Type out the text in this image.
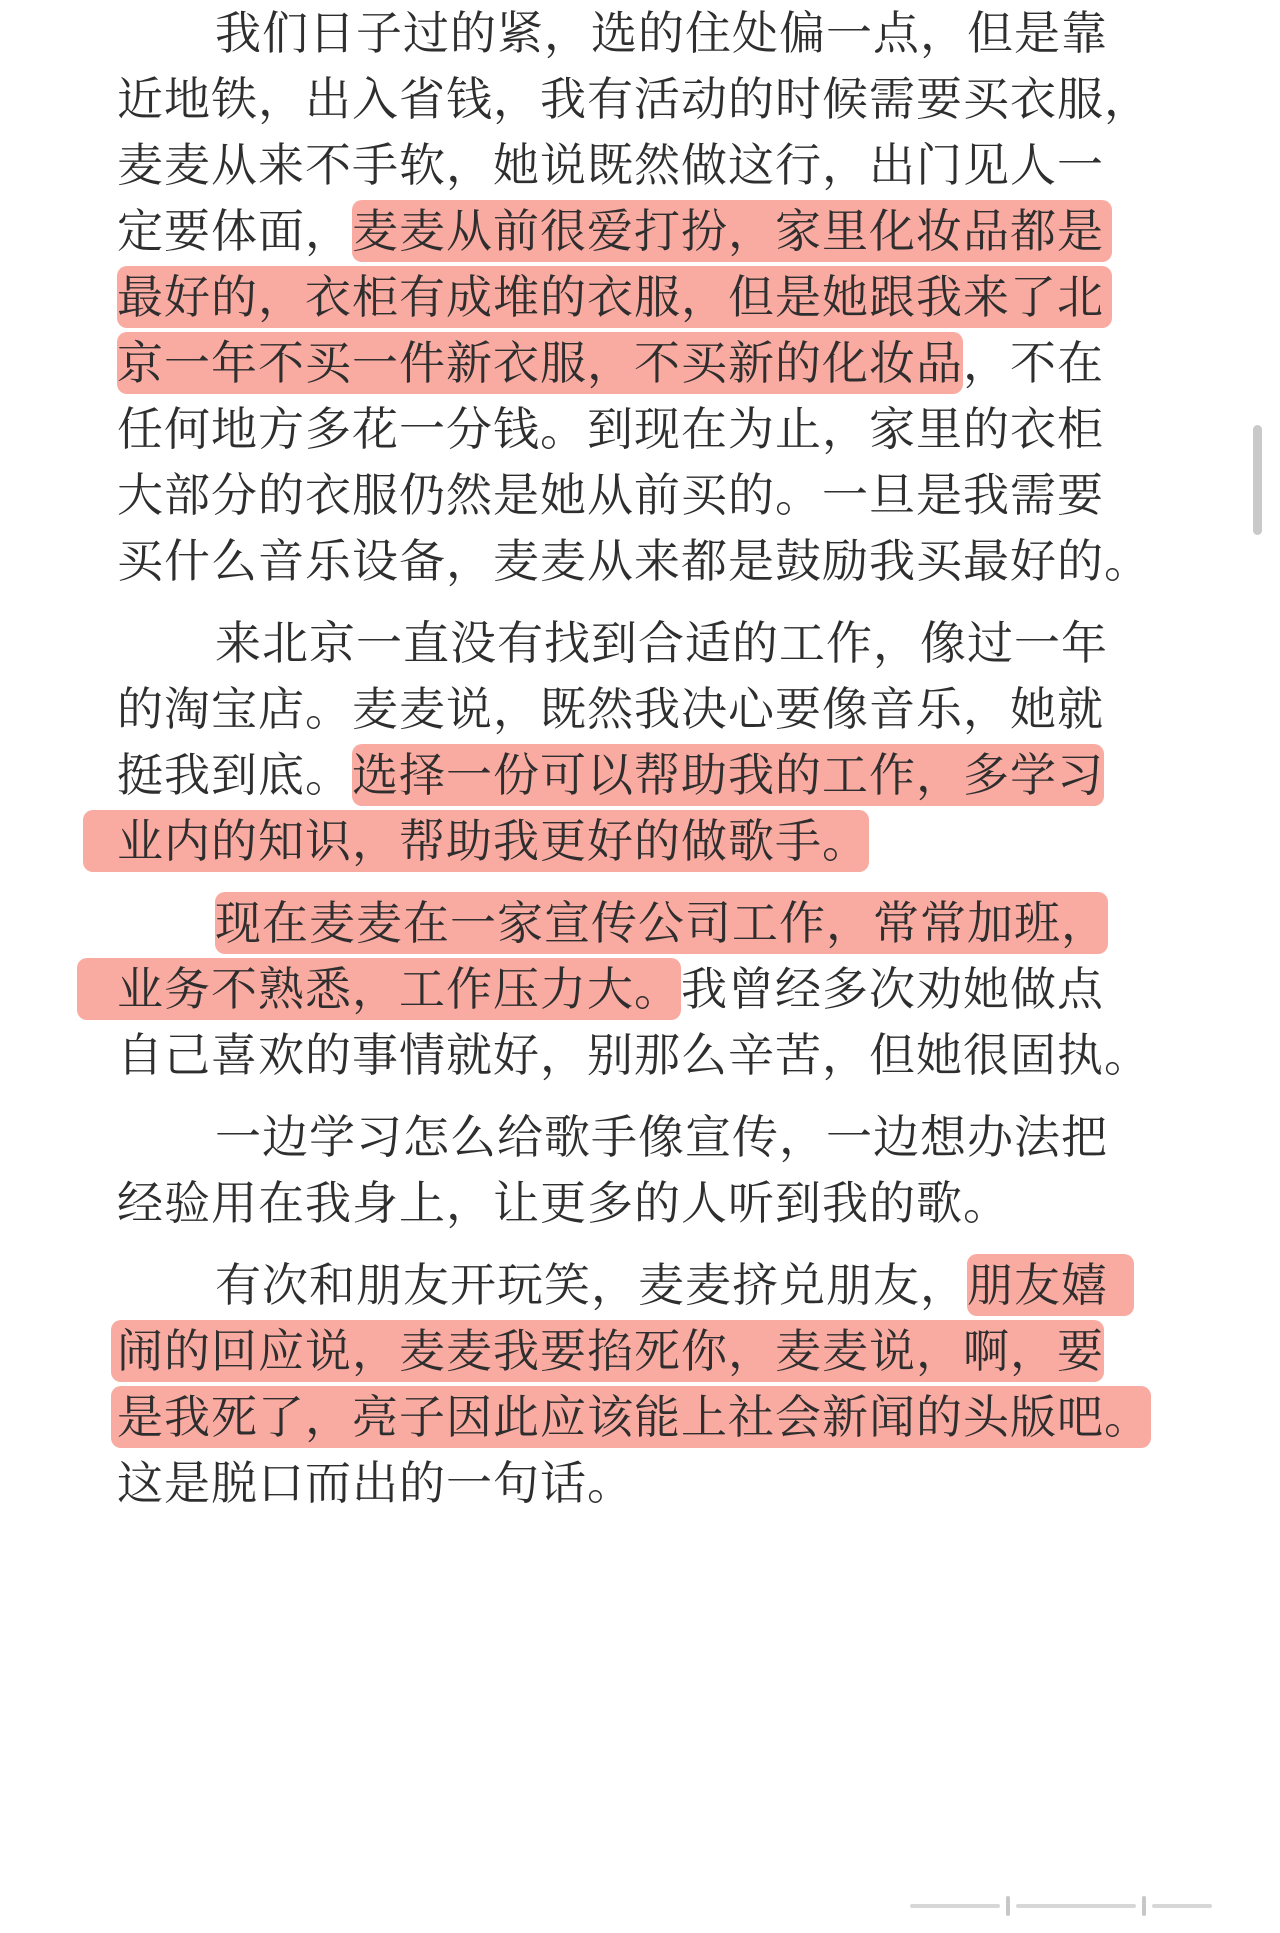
我们日子过的紧，选的住处偏一点，但是靠
近地铁，出入省钱，我有活动的时候需要买衣服，
麦麦从来不手软，她说既然做这行，出门见人一
定要体面，麦麦从前很爱打扮，家里化妆品都是
最好的，衣柜有成堆的衣服，但是她跟我来了北
京一年不买一件新衣服，不买新的化妆品，不在
任何地方多花一分钱。到现在为止，家里的衣柜
大部分的衣服仍然是她从前买的。一旦是我需要
买什么音乐设备，麦麦从来都是鼓励我买最好的。
来北京一直没有找到合适的工作，像过一年
的淘宝店。麦麦说，既然我决心要像音乐，她就
挺我到底。选择一份可以帮助我的工作，多学习
业内的知识，帮助我更好的做歌手。
现在麦麦在一家宣传公司工作，常常加班，
业务不熟悉，工作压力大。我曾经多次劝她做点
自己喜欢的事情就好，别那么辛苦，但她很固执。
一边学习怎么给歌手像宣传，一边想办法把
经验用在我身上，让更多的人听到我的歌。
有次和朋友开玩笑，麦麦挤兑朋友，朋友嬉
闹的回应说，麦麦我要掐死你，麦麦说，啊，要
是我死了，亮子因此应该能上社会新闻的头版吧。
这是脱口而出的一句话。
